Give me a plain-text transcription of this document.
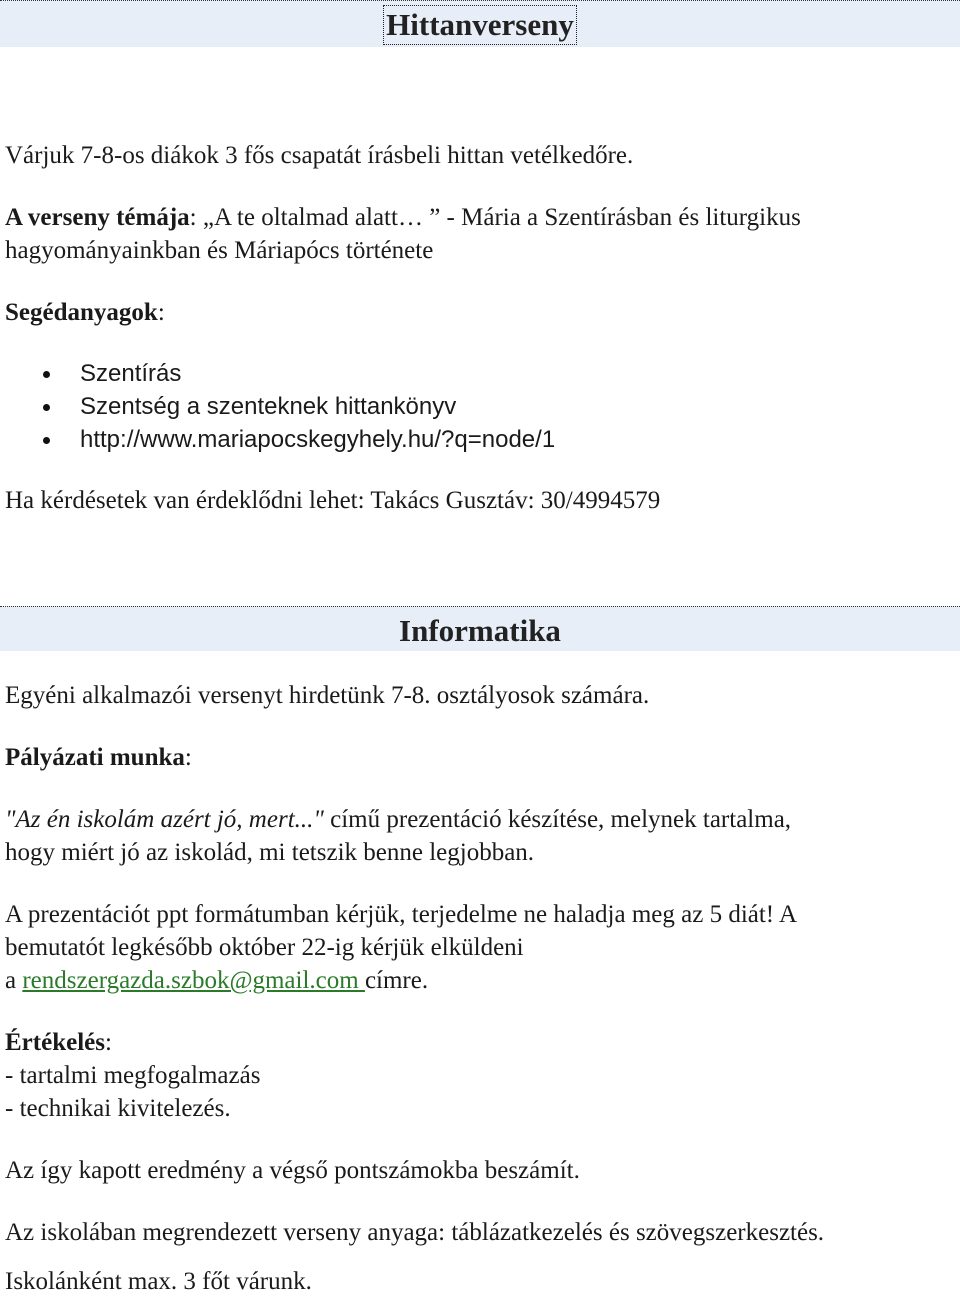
Hittanverseny

Várjuk 7-8-os diákok 3 fős csapatát írásbeli hittan vetélkedőre.

A verseny témája: „A te oltalmad alatt… ” - Mária a Szentírásban és liturgikus

hagyományainkban és Máriapócs története

Segédanyagok:

Szentírás
Szentség a szenteknek hittankönyv
http://www.mariapocskegyhely.hu/?q=node/1

Ha kérdésetek van érdeklődni lehet: Takács Gusztáv: 30/4994579

Informatika

Egyéni alkalmazói versenyt hirdetünk 7-8. osztályosok számára.

Pályázati munka:

"Az én iskolám azért jó, mert..." című prezentáció készítése, melynek tartalma,

hogy miért jó az iskolád, mi tetszik benne legjobban.

A prezentációt ppt formátumban kérjük, terjedelme ne haladja meg az 5 diát! A

bemutatót legkésőbb október 22-ig kérjük elküldeni

a rendszergazda.szbok@gmail.com címre.

Értékelés:

- tartalmi megfogalmazás

- technikai kivitelezés.

Az így kapott eredmény a végső pontszámokba beszámít.

Az iskolában megrendezett verseny anyaga: táblázatkezelés és szövegszerkesztés.

Iskolánként max. 3 főt várunk.
